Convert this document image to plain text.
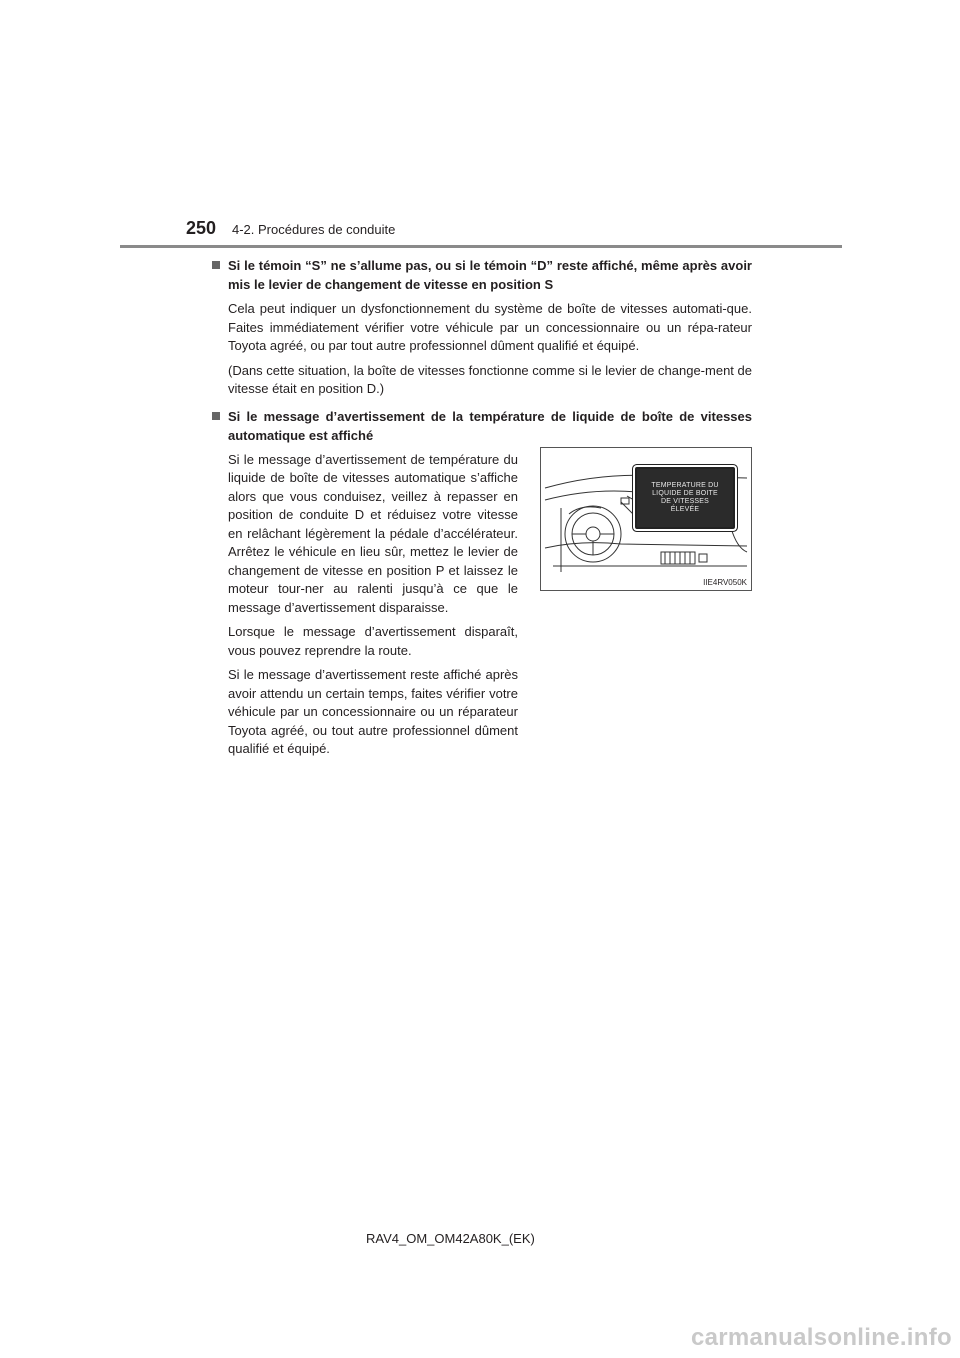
250 4-2. Procédures de conduite
Si le témoin “S” ne s’allume pas, ou si le témoin “D” reste affiché, même après avoir mis le levier de changement de vitesse en position S
Cela peut indiquer un dysfonctionnement du système de boîte de vitesses automati-que. Faites immédiatement vérifier votre véhicule par un concessionnaire ou un répa-rateur Toyota agréé, ou par tout autre professionnel dûment qualifié et équipé.
(Dans cette situation, la boîte de vitesses fonctionne comme si le levier de change-ment de vitesse était en position D.)
Si le message d’avertissement de la température de liquide de boîte de vitesses automatique est affiché
Si le message d’avertissement de température du liquide de boîte de vitesses automatique s’affiche alors que vous conduisez, veillez à repasser en position de conduite D et réduisez votre vitesse en relâchant légèrement la pédale d’accélérateur. Arrêtez le véhicule en lieu sûr, mettez le levier de changement de vitesse en position P et laissez le moteur tour-ner au ralenti jusqu’à ce que le message d’avertissement disparaisse.
Lorsque le message d’avertissement disparaît, vous pouvez reprendre la route.
Si le message d’avertissement reste affiché après avoir attendu un certain temps, faites vérifier votre véhicule par un concessionnaire ou un réparateur Toyota agréé, ou tout autre professionnel dûment qualifié et équipé.
TEMPERATURE DU
LIQUIDE DE BOITE
DE VITESSES
ÉLEVÉE
IIE4RV050K
RAV4_OM_OM42A80K_(EK)
carmanualsonline.info
